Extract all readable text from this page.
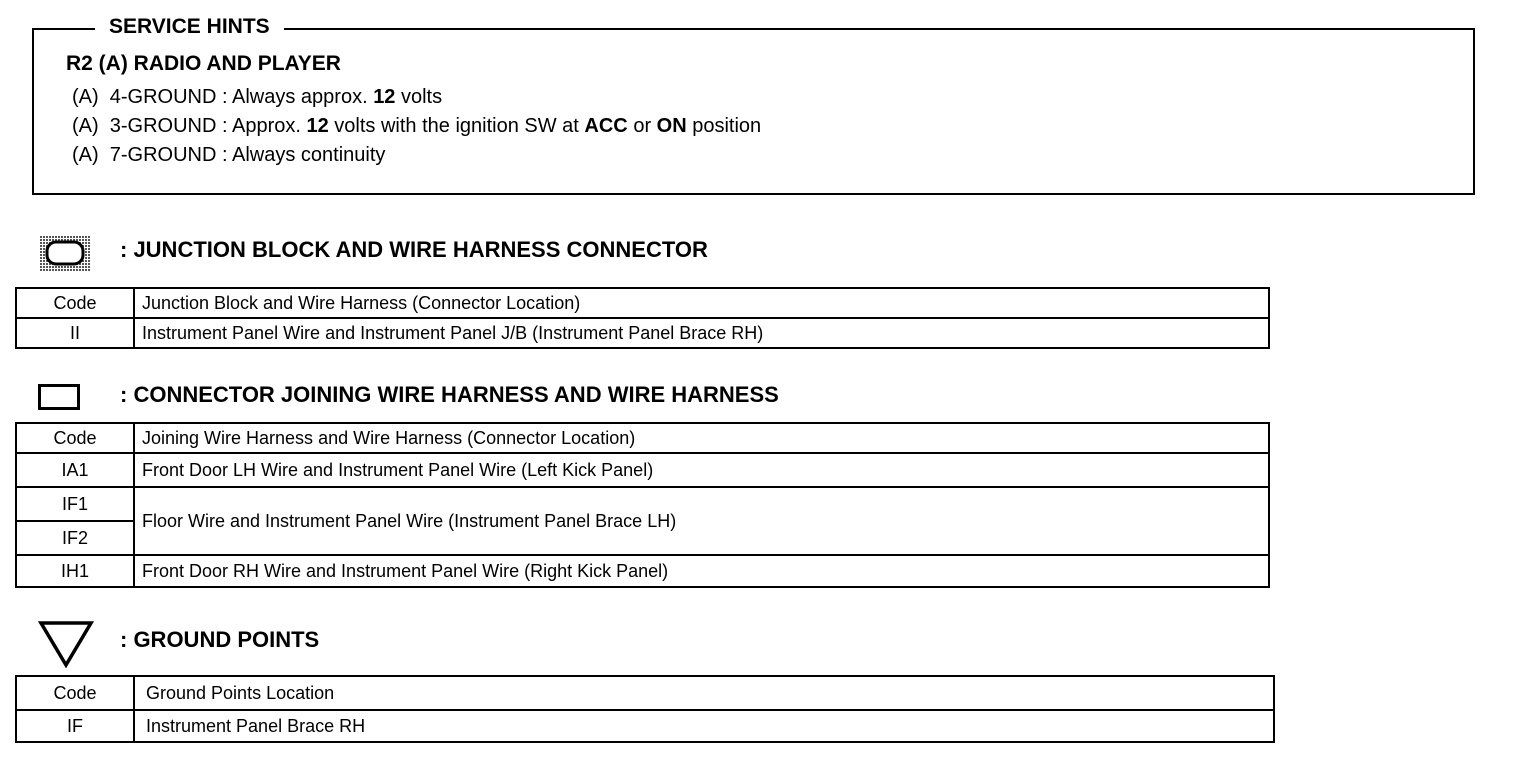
SERVICE HINTS
R2 (A) RADIO AND PLAYER
(A)  4-GROUND : Always approx. 12 volts
(A)  3-GROUND : Approx. 12 volts with the ignition SW at ACC or ON position
(A)  7-GROUND : Always continuity
: JUNCTION BLOCK AND WIRE HARNESS CONNECTOR
Code	Junction Block and Wire Harness (Connector Location)
II	Instrument Panel Wire and Instrument Panel J/B (Instrument Panel Brace RH)
: CONNECTOR JOINING WIRE HARNESS AND WIRE HARNESS
Code	Joining Wire Harness and Wire Harness (Connector Location)
IA1	Front Door LH Wire and Instrument Panel Wire (Left Kick Panel)
IF1	Floor Wire and Instrument Panel Wire (Instrument Panel Brace LH)
IF2	
IH1	Front Door RH Wire and Instrument Panel Wire (Right Kick Panel)
: GROUND POINTS
Code	Ground Points Location
IF	Instrument Panel Brace RH
